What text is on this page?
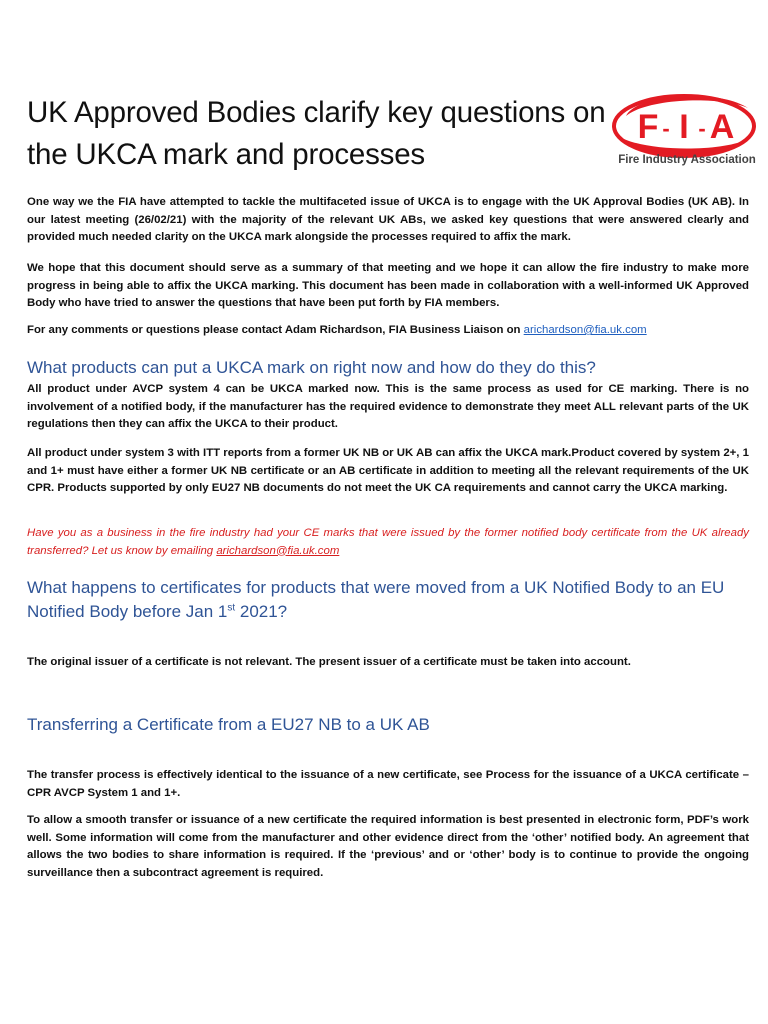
UK Approved Bodies clarify key questions on the UKCA mark and processes
F - I - A
Fire Industry Association

One way we the FIA have attempted to tackle the multifaceted issue of UKCA is to engage with the UK Approval Bodies (UK AB). In our latest meeting (26/02/21) with the majority of the relevant UK ABs, we asked key questions that were answered clearly and provided much needed clarity on the UKCA mark alongside the processes required to affix the mark.

We hope that this document should serve as a summary of that meeting and we hope it can allow the fire industry to make more progress in being able to affix the UKCA marking. This document has been made in collaboration with a well-informed UK Approved Body who have tried to answer the questions that have been put forth by FIA members.

For any comments or questions please contact Adam Richardson, FIA Business Liaison on arichardson@fia.uk.com

What products can put a UKCA mark on right now and how do they do this?

All product under AVCP system 4 can be UKCA marked now. This is the same process as used for CE marking. There is no involvement of a notified body, if the manufacturer has the required evidence to demonstrate they meet ALL relevant parts of the UK regulations then they can affix the UKCA to their product.

All product under system 3 with ITT reports from a former UK NB or UK AB can affix the UKCA mark.Product covered by system 2+, 1 and 1+ must have either a former UK NB certificate or an AB certificate in addition to meeting all the relevant requirements of the UK CPR. Products supported by only EU27 NB documents do not meet the UK CA requirements and cannot carry the UKCA marking.

Have you as a business in the fire industry had your CE marks that were issued by the former notified body certificate from the UK already transferred? Let us know by emailing arichardson@fia.uk.com

What happens to certificates for products that were moved from a UK Notified Body to an EU Notified Body before Jan 1st 2021?

The original issuer of a certificate is not relevant. The present issuer of a certificate must be taken into account.

Transferring a Certificate from a EU27 NB to a UK AB

The transfer process is effectively identical to the issuance of a new certificate, see Process for the issuance of a UKCA certificate – CPR AVCP System 1 and 1+.

To allow a smooth transfer or issuance of a new certificate the required information is best presented in electronic form, PDF’s work well. Some information will come from the manufacturer and other evidence direct from the ‘other’ notified body. An agreement that allows the two bodies to share information is required. If the ‘previous’ and or ‘other’ body is to continue to provide the ongoing surveillance then a subcontract agreement is required.
